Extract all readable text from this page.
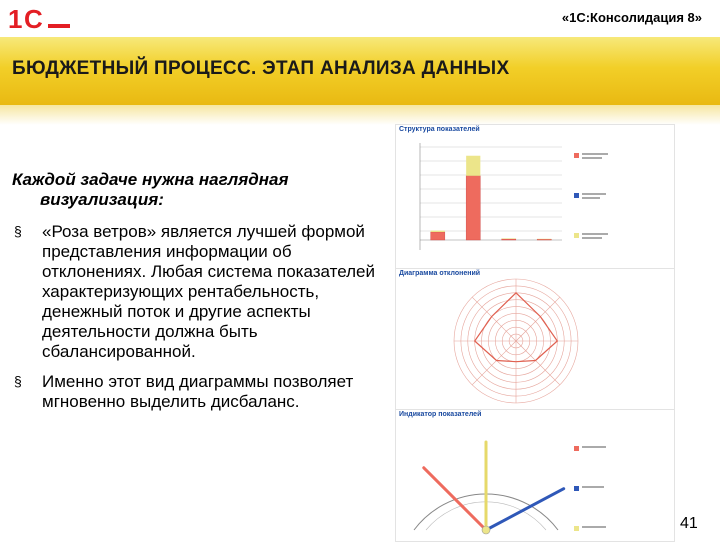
1 С	«1С:Консолидация 8»
БЮДЖЕТНЫЙ ПРОЦЕСС. ЭТАП АНАЛИЗА ДАННЫХ
Каждой задаче нужна наглядная
визуализация:
§ «Роза ветров» является лучшей формой представления информации об отклонениях. Любая система показателей характеризующих рентабельность, денежный поток и другие аспекты деятельности должна быть сбалансированной.
§ Именно этот вид диаграммы позволяет мгновенно выделить дисбаланс.
Структура показателей
Диаграмма отклонений
Индикатор показателей
41
